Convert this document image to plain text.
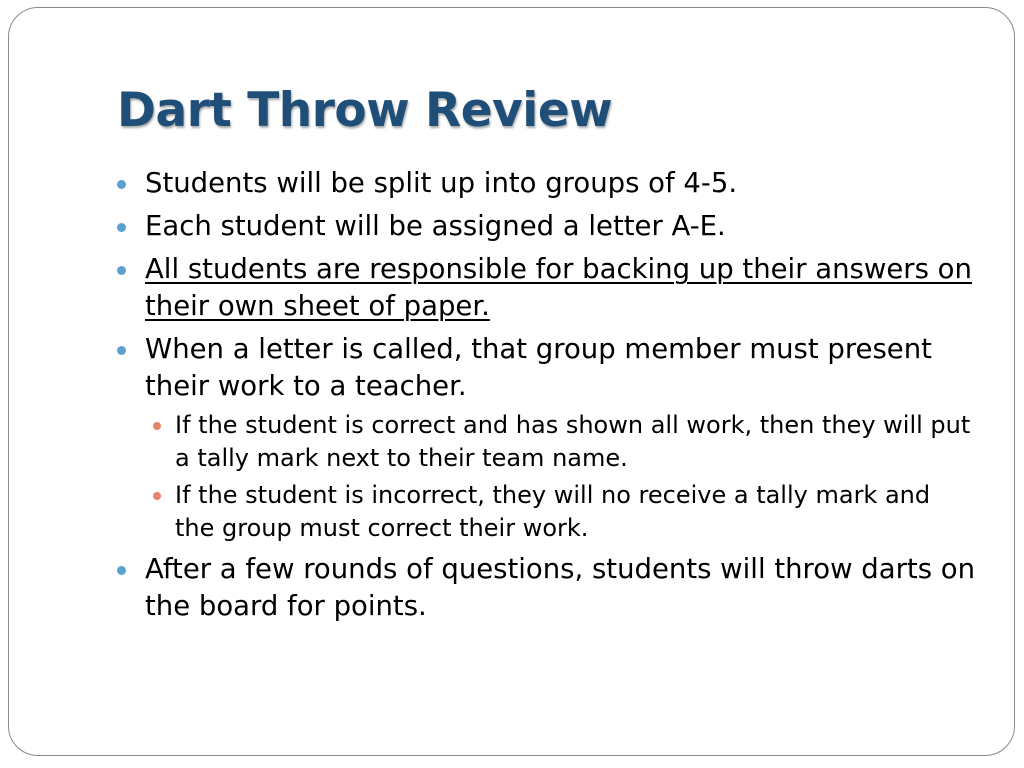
Dart Throw Review
Students will be split up into groups of 4-5.
Each student will be assigned a letter A-E.
All students are responsible for backing up their answers on their own sheet of paper.
When a letter is called, that group member must present their work to a teacher.
If the student is correct and has shown all work, then they will put a tally mark next to their team name.
If the student is incorrect, they will no receive a tally mark and the group must correct their work.
After a few rounds of questions, students will throw darts on the board for points.
